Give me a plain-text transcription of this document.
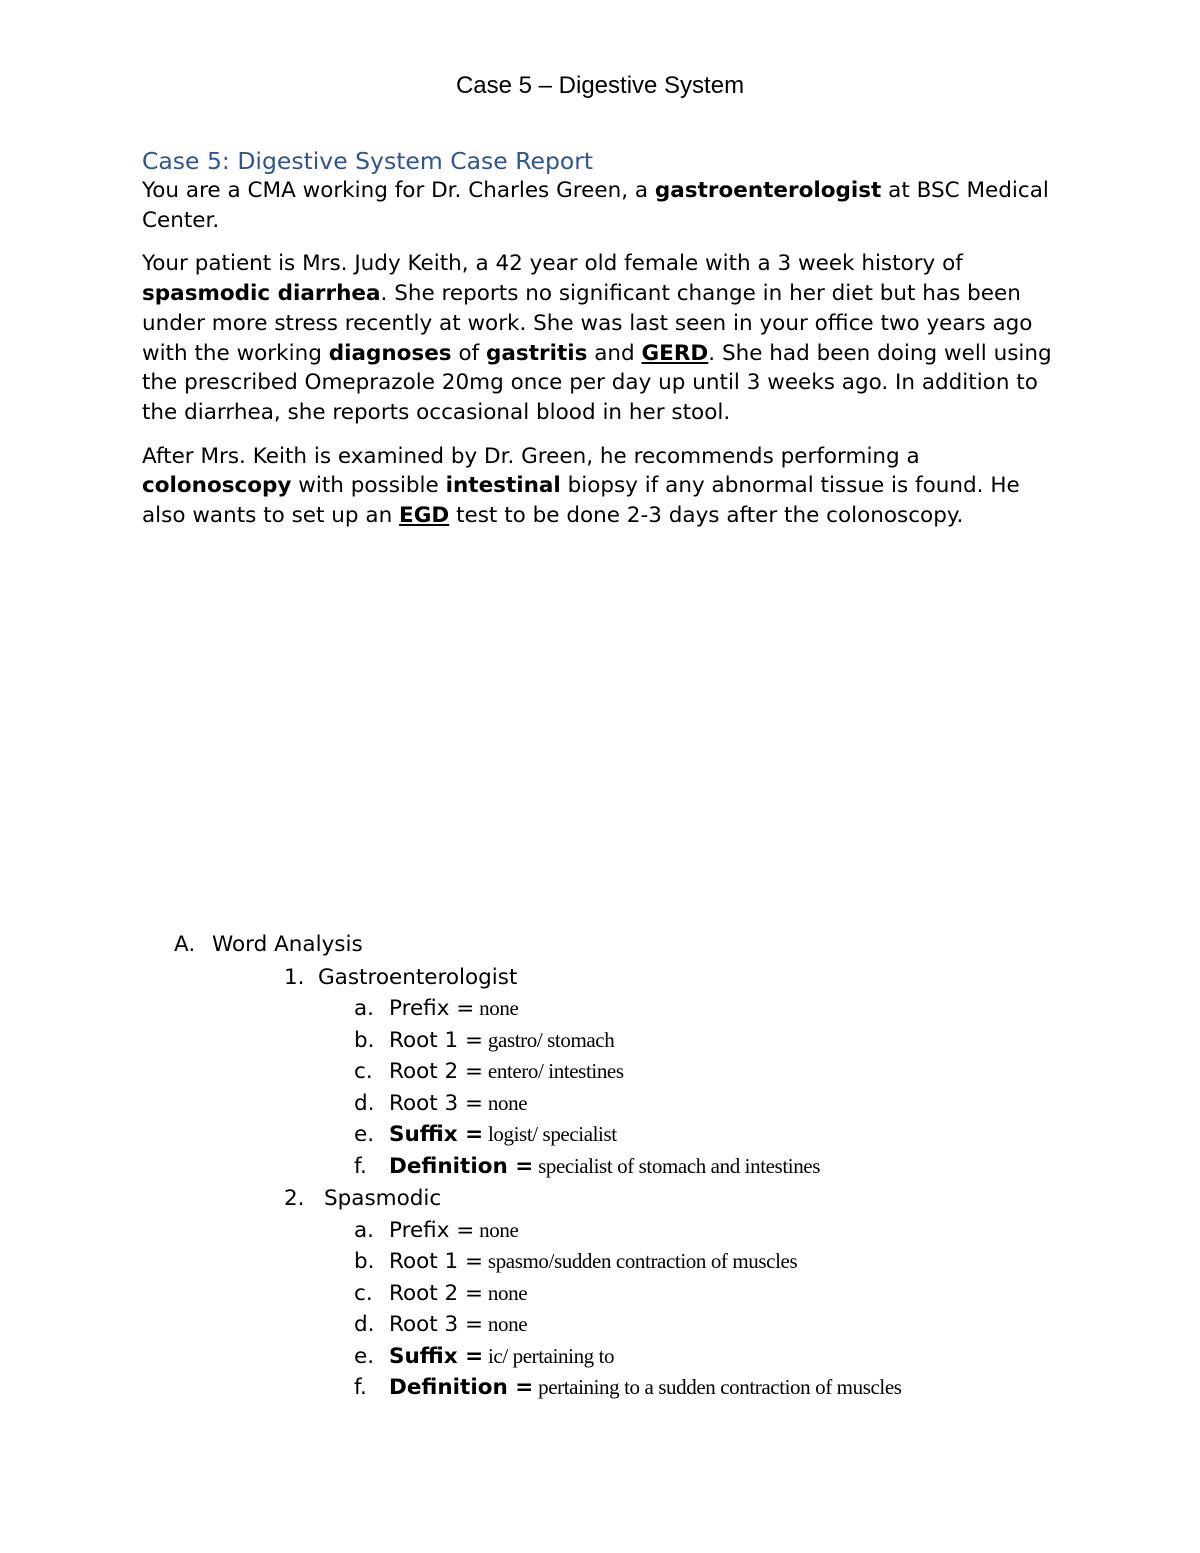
Case 5 – Digestive System
Case 5: Digestive System Case Report

You are a CMA working for Dr. Charles Green, a gastroenterologist at BSC Medical Center.

Your patient is Mrs. Judy Keith, a 42 year old female with a 3 week history of spasmodic diarrhea. She reports no significant change in her diet but has been under more stress recently at work. She was last seen in your office two years ago with the working diagnoses of gastritis and GERD. She had been doing well using the prescribed Omeprazole 20mg once per day up until 3 weeks ago. In addition to the diarrhea, she reports occasional blood in her stool.

After Mrs. Keith is examined by Dr. Green, he recommends performing a colonoscopy with possible intestinal biopsy if any abnormal tissue is found. He also wants to set up an EGD test to be done 2-3 days after the colonoscopy.

A. Word Analysis
1. Gastroenterologist
a. Prefix = none
b. Root 1 = gastro/ stomach
c. Root 2 = entero/ intestines
d. Root 3 = none
e. Suffix = logist/ specialist
f. Definition = specialist of stomach and intestines
2. Spasmodic
a. Prefix = none
b. Root 1 = spasmo/sudden contraction of muscles
c. Root 2 = none
d. Root 3 = none
e. Suffix = ic/ pertaining to
f. Definition = pertaining to a sudden contraction of muscles
